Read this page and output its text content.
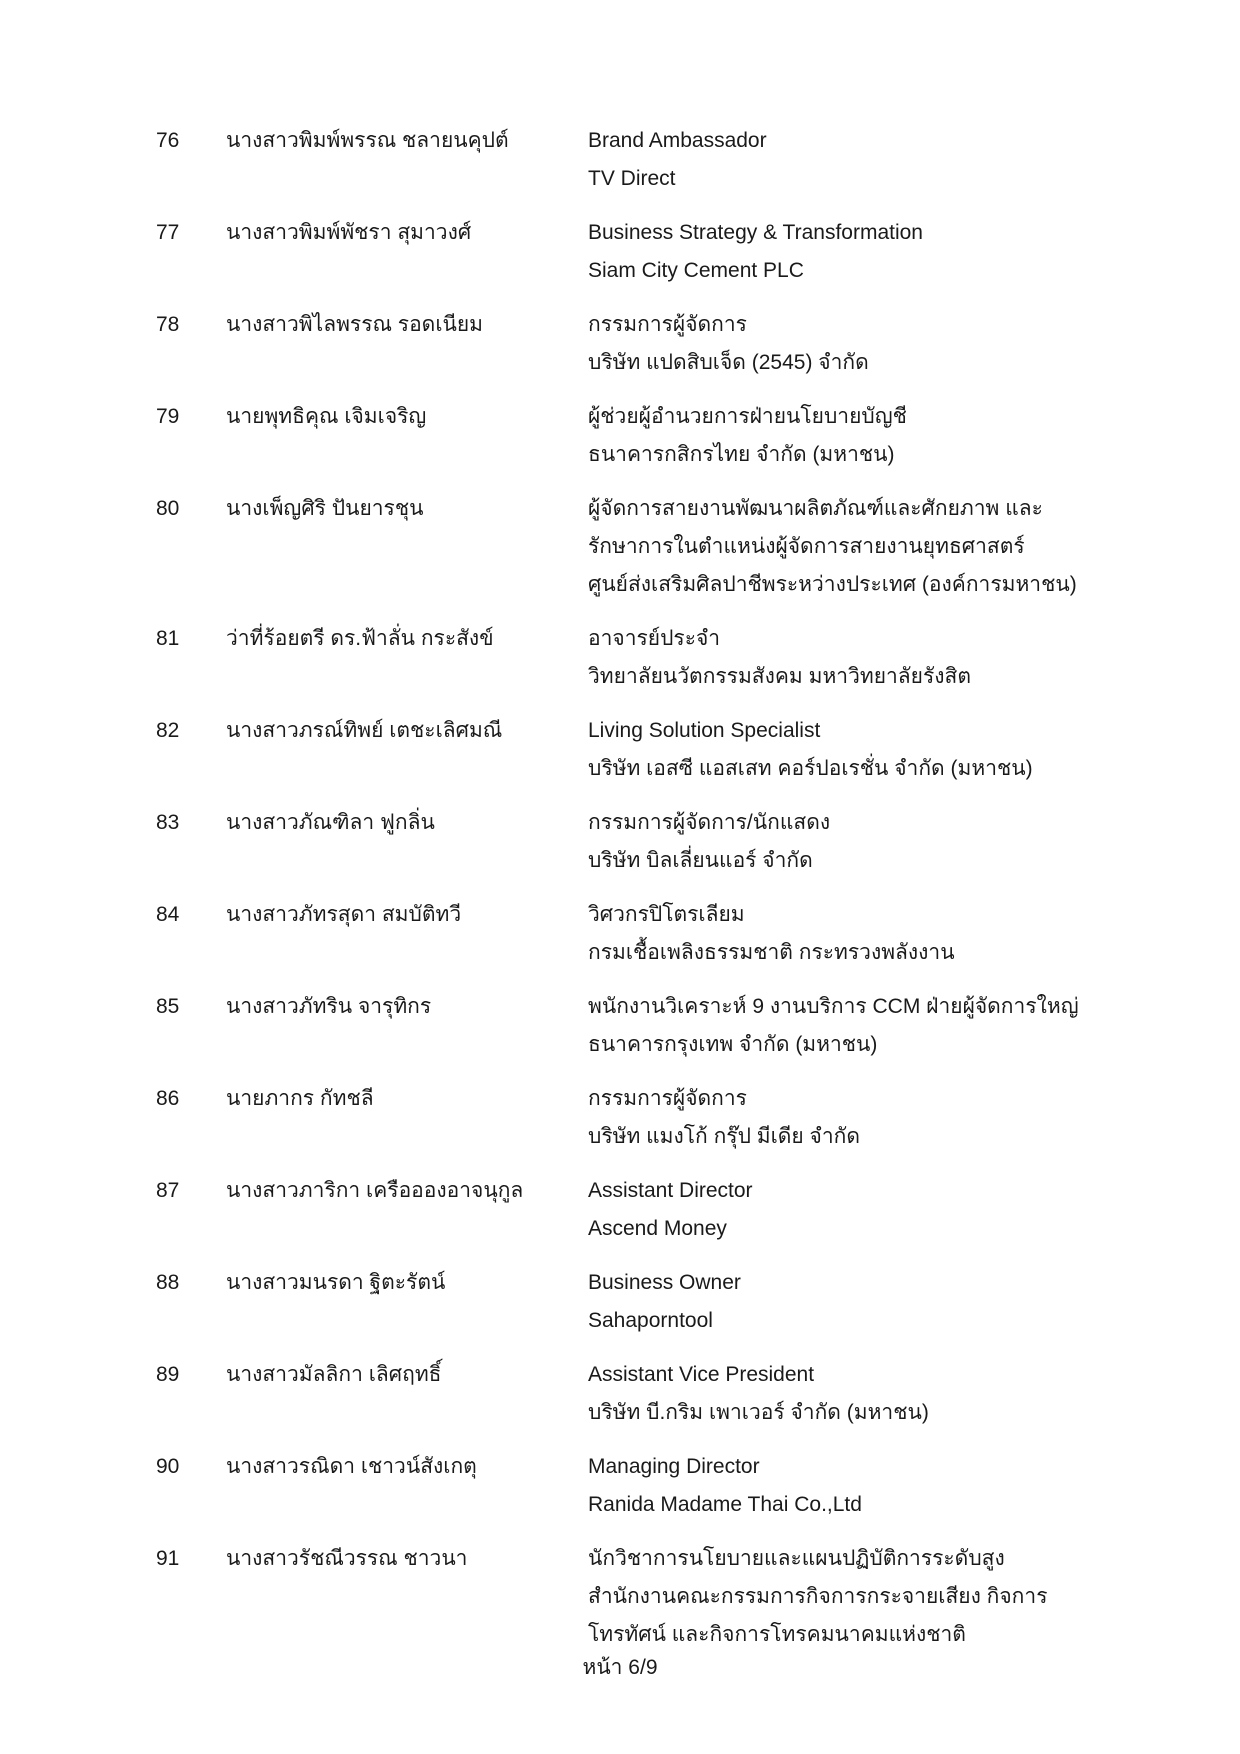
76	นางสาวพิมพ์พรรณ ชลายนคุปต์	Brand Ambassador
TV Direct
77	นางสาวพิมพ์พัชรา สุมาวงศ์	Business Strategy & Transformation
Siam City Cement PLC
78	นางสาวพิไลพรรณ รอดเนียม	กรรมการผู้จัดการ
บริษัท แปดสิบเจ็ด (2545) จำกัด
79	นายพุทธิคุณ เจิมเจริญ	ผู้ช่วยผู้อำนวยการฝ่ายนโยบายบัญชี
ธนาคารกสิกรไทย จำกัด (มหาชน)
80	นางเพ็ญศิริ ปันยารชุน	ผู้จัดการสายงานพัฒนาผลิตภัณฑ์และศักยภาพ และ
รักษาการในตำแหน่งผู้จัดการสายงานยุทธศาสตร์
ศูนย์ส่งเสริมศิลปาชีพระหว่างประเทศ (องค์การมหาชน)
81	ว่าที่ร้อยตรี ดร.ฟ้าลั่น กระสังข์	อาจารย์ประจำ
วิทยาลัยนวัตกรรมสังคม มหาวิทยาลัยรังสิต
82	นางสาวภรณ์ทิพย์ เตชะเลิศมณี	Living Solution Specialist
บริษัท เอสซี แอสเสท คอร์ปอเรชั่น จำกัด (มหาชน)
83	นางสาวภัณฑิลา ฟูกลิ่น	กรรมการผู้จัดการ/นักแสดง
บริษัท บิลเลี่ยนแอร์ จำกัด
84	นางสาวภัทรสุดา สมบัติทวี	วิศวกรปิโตรเลียม
กรมเชื้อเพลิงธรรมชาติ กระทรวงพลังงาน
85	นางสาวภัทริน จารุทิกร	พนักงานวิเคราะห์ 9 งานบริการ CCM ฝ่ายผู้จัดการใหญ่
ธนาคารกรุงเทพ จำกัด (มหาชน)
86	นายภากร กัทชลี	กรรมการผู้จัดการ
บริษัท แมงโก้ กรุ๊ป มีเดีย จำกัด
87	นางสาวภาริกา เครืออองอาจนุกูล	Assistant Director
Ascend Money
88	นางสาวมนรดา ฐิตะรัตน์	Business Owner
Sahaporntool
89	นางสาวมัลลิกา เลิศฤทธิ์	Assistant Vice President
บริษัท บี.กริม เพาเวอร์ จำกัด (มหาชน)
90	นางสาวรณิดา เชาวน์สังเกตุ	Managing Director
Ranida Madame Thai Co.,Ltd
91	นางสาวรัชณีวรรณ ชาวนา	นักวิชาการนโยบายและแผนปฏิบัติการระดับสูง
สำนักงานคณะกรรมการกิจการกระจายเสียง กิจการ
โทรทัศน์ และกิจการโทรคมนาคมแห่งชาติ
หน้า 6/9
